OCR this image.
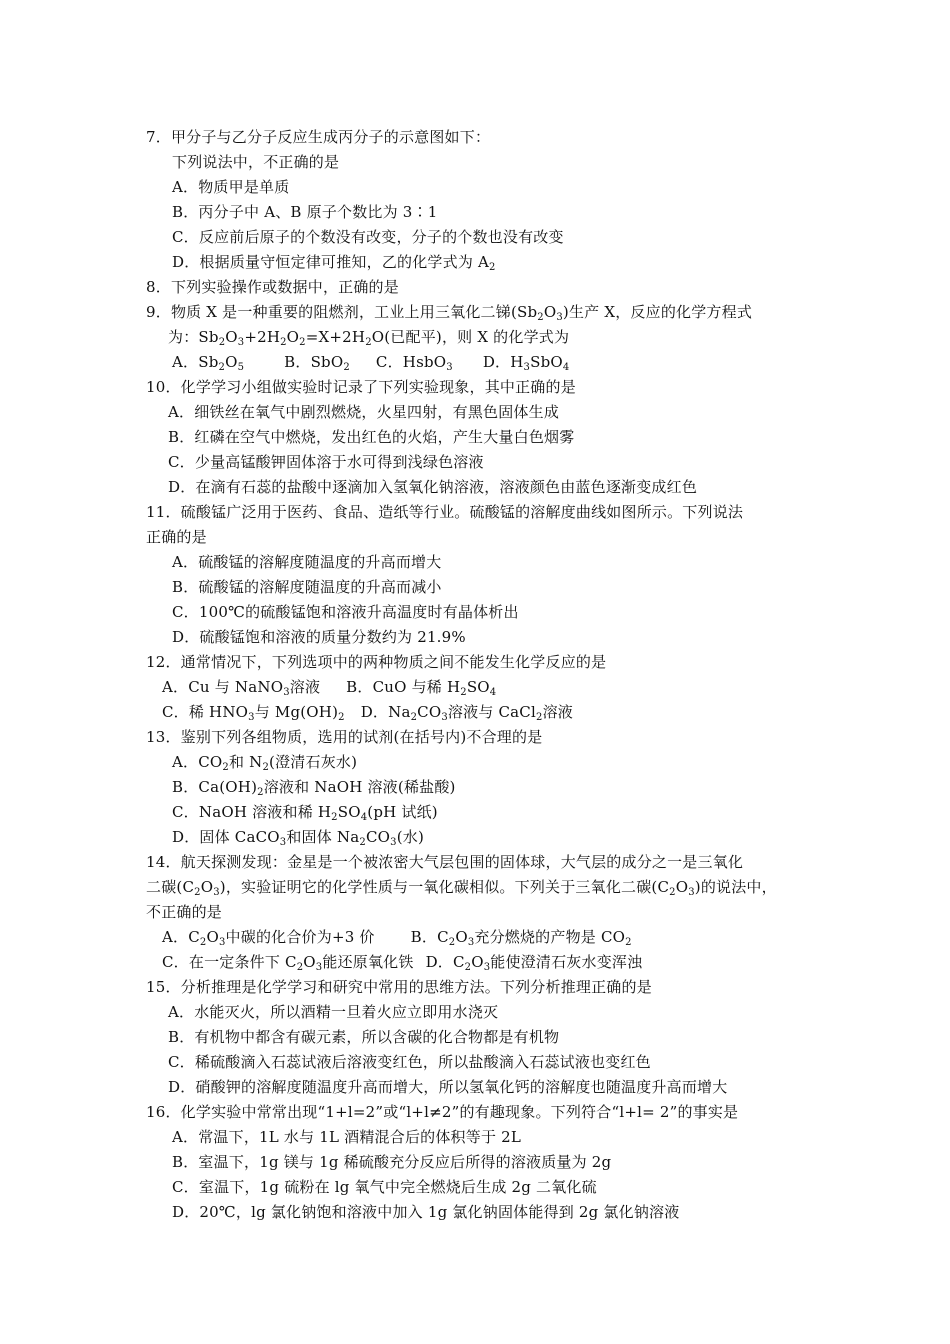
7．甲分子与乙分子反应生成丙分子的示意图如下：
下列说法中，不正确的是
A．物质甲是单质
B．丙分子中 A、B 原子个数比为 3∶1
C．反应前后原子的个数没有改变，分子的个数也没有改变
D．根据质量守恒定律可推知，乙的化学式为 $A_2$
8．下列实验操作或数据中，正确的是
9．物质 X 是一种重要的阻燃剂，工业上用三氧化二锑$(Sb_2O_3)$生产 X，反应的化学方程式
为：$Sb_2O_3+2H_2O_2=X+2H_2O$(已配平)，则 X 的化学式为
A．$Sb_2O_5$	B．SbO$_2$ C．HsbO$_3$ D．$H_3SbO_4$
10．化学学习小组做实验时记录了下列实验现象，其中正确的是
A．细铁丝在氧气中剧烈燃烧，火星四射，有黑色固体生成
B．红磷在空气中燃烧，发出红色的火焰，产生大量白色烟雾
C．少量高锰酸钾固体溶于水可得到浅绿色溶液
D．在滴有石蕊的盐酸中逐滴加入氢氧化钠溶液，溶液颜色由蓝色逐渐变成红色
11．硫酸锰广泛用于医药、食品、造纸等行业。硫酸锰的溶解度曲线如图所示。下列说法
正确的是
A．硫酸锰的溶解度随温度的升高而增大
B．硫酸锰的溶解度随温度的升高而减小
C．100℃的硫酸锰饱和溶液升高温度时有晶体析出
D．硫酸锰饱和溶液的质量分数约为 21.9%
12．通常情况下，下列选项中的两种物质之间不能发生化学反应的是
A．Cu 与 NaNO$_3$溶液 B．CuO 与稀 $H_2SO_4$
C．稀 $HNO_3$与 $Mg(OH)_2$ D．$Na_2CO_3$溶液与 CaCl$_2$溶液
13．鉴别下列各组物质，选用的试剂(在括号内)不合理的是
A．$CO_2$和 $N_2$(澄清石灰水)
B．$Ca(OH)_2$溶液和 NaOH 溶液(稀盐酸)
C．NaOH 溶液和稀 $H_2SO_4(pH$ 试纸)
D．固体 CaCO$_3$和固体 $Na_2CO_3$(水)
14．航天探测发现：金星是一个被浓密大气层包围的固体球，大气层的成分之一是三氧化
二碳$(C_2O_3)$，实验证明它的化学性质与一氧化碳相似。下列关于三氧化二碳$(C_2O_3)$的说法中，
不正确的是
A．$C_2O_3$中碳的化合价为+3 价 B．$C_2O_3$充分燃烧的产物是 $CO_2$
C．在一定条件下 $C_2O_3$能还原氧化铁 D．$C_2O_3$能使澄清石灰水变浑浊
15．分析推理是化学学习和研究中常用的思维方法。下列分析推理正确的是
A．水能灭火，所以酒精一旦着火应立即用水浇灭
B．有机物中都含有碳元素，所以含碳的化合物都是有机物
C．稀硫酸滴入石蕊试液后溶液变红色，所以盐酸滴入石蕊试液也变红色
D．硝酸钾的溶解度随温度升高而增大，所以氢氧化钙的溶解度也随温度升高而增大
16．化学实验中常常出现“1+l=2”或“l+l≠2”的有趣现象。下列符合“l+l= 2”的事实是
A．常温下，1L 水与 1L 酒精混合后的体积等于 2L
B．室温下，1g 镁与 1g 稀硫酸充分反应后所得的溶液质量为 2g
C．室温下，1g 硫粉在 lg 氧气中完全燃烧后生成 2g 二氧化硫
D．20℃，lg 氯化钠饱和溶液中加入 1g 氯化钠固体能得到 2g 氯化钠溶液
